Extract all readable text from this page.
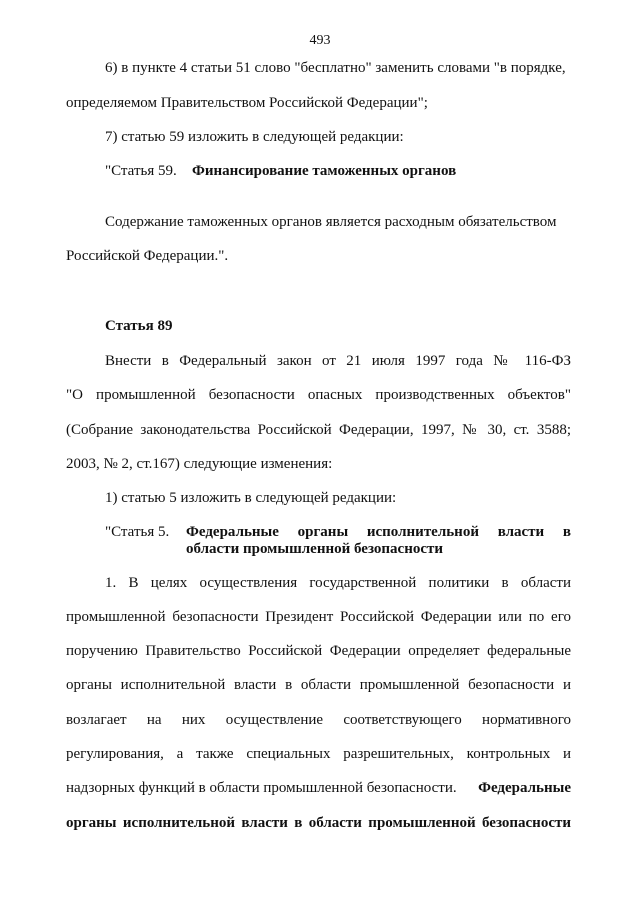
493
6) в пункте 4 статьи 51 слово "бесплатно" заменить словами "в порядке,
определяемом Правительством Российской Федерации";
7) статью 59 изложить в следующей редакции:
"Статья 59. Финансирование таможенных органов
Содержание таможенных органов является расходным обязательством
Российской Федерации.".
Статья 89
Внести в Федеральный закон от 21 июля 1997 года № 116-ФЗ
"О промышленной безопасности опасных производственных объектов"
(Собрание законодательства Российской Федерации, 1997, № 30, ст. 3588;
2003, № 2, ст.167) следующие изменения:
1) статью 5 изложить в следующей редакции:
"Статья 5. Федеральные органы исполнительной власти в
области промышленной безопасности
1. В целях осуществления государственной политики в области
промышленной безопасности Президент Российской Федерации или по его
поручению Правительство Российской Федерации определяет федеральные
органы исполнительной власти в области промышленной безопасности и
возлагает на них осуществление соответствующего нормативного
регулирования, а также специальных разрешительных, контрольных и
надзорных функций в области промышленной безопасности. Федеральные
органы исполнительной власти в области промышленной безопасности
